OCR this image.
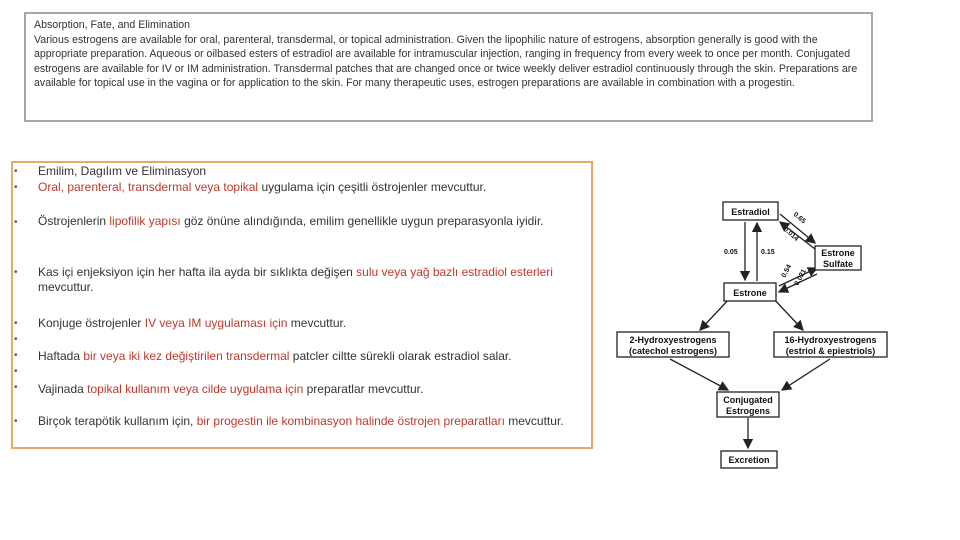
Absorption, Fate, and Elimination

Various estrogens are available for oral, parenteral, transdermal, or topical administration. Given the lipophilic nature of estrogens, absorption generally is good with the appropriate preparation. Aqueous or oilbased esters of estradiol are available for intramuscular injection, ranging in frequency from every week to once per month. Conjugated estrogens are available for IV or IM administration. Transdermal patches that are changed once or twice weekly deliver estradiol continuously through the skin. Preparations are available for topical use in the vagina or for application to the skin. For many therapeutic uses, estrogen preparations are available in combination with a progestin.

• Emilim, Dagılım ve Eliminasyon
• Oral, parenteral, transdermal veya topikal uygulama için çeşitli östrojenler mevcuttur.
• Östrojenlerin lipofilik yapısı göz önüne alındığında, emilim genellikle uygun preparasyonla iyidir.
• Kas içi enjeksiyon için her hafta ila ayda bir sıklıkta değişen sulu veya yağ bazlı estradiol esterleri mevcuttur.
•
•
Konjuge östrojenler IV veya IM uygulaması için mevcuttur.
•
•
Haftada bir veya iki kez değiştirilen transdermal patcler ciltte sürekli olarak estradiol salar.
• Vajinada topikal kullanım veya cilde uygulama için preparatlar mevcuttur.
• Birçok terapötik kullanım için, bir progestin ile kombinasyon halinde östrojen preparatları mevcuttur.
Estradiol
Estrone
Sulfate
Estrone
2-Hydroxyestrogens
(catechol estrogens)
16-Hydroxyestrogens
(estriol & epiestriols)
Conjugated
Estrogens
Excretion
0.65
0.014
0.05	0.15
0.54 0.021
